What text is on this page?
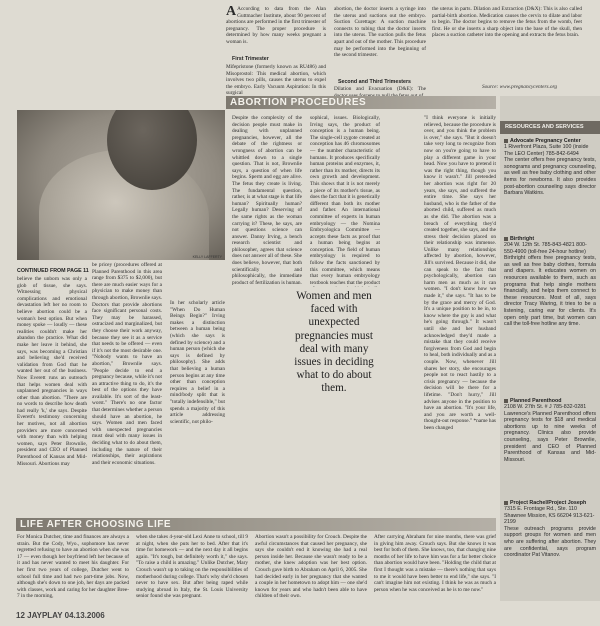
A According to data from the Alan Guttmacher Institute, about 90 percent of abortions are performed in the first trimester of pregnancy. The proper procedure is determined by how many weeks pregnant a woman is.

First Trimester

Mifepristone (formerly known as RU486) and Misoprostol: This medical abortion, which involves two pills, causes the uterus to expel the embryo. Early Vacuum Aspiration: In this surgical

abortion, the doctor inserts a syringe into the uterus and suctions out the embryo. Suction Curettage: A suction machine connects to tubing that the doctor inserts into the uterus. The suction pulls the fetus apart and out of the mother. This procedure may be performed into the beginning of the second trimester.

Second and Third Trimesters

Dilation and Evacuation (D&E): The

the uterus in parts. Dilation and Extraction (D&X): This is also called partial-birth abortion. Medication causes the cervix to dilate and labor to begin. The doctor begins to remove the fetus from the womb, feet first. He or she inserts a sharp object into the base of the skull, then places a suction catheter into the opening and extracts the fetus brain.

Source: www.pregnancycenters.org

ABORTION PROCEDURES

KELLY LAFFERTY

CONTINUED FROM PAGE 11

believe the unborn was only a glob of tissue, she says. Witnessing physical complications and emotional devastation left her no room to believe abortion could be a woman's best option. But when money spoke — loudly — these realities couldn't make her abandon the practice. What did make her leave it behind, she says, was becoming a Christian and believing she'd received validation from God that he wanted her out of the business. Now Everett runs an outreach that helps women deal with unplanned pregnancies in ways other than abortion. "There are no words to describe how death had really 'k,' she says. Despite Everett's testimony concerning her motives, not all abortion providers are more concerned with money than with helping women, says Peter Brownlie, president and CEO of Planned Parenthood of Kansas and Mid-Missouri. Abortions may

be pricey (procedures offered at Planned Parenthood in this area range from $375 to $2,000), but there are much easier ways for a physician to make money than through abortion, Brownlie says. Doctors that provide abortions face significant personal costs. They may be harassed, ostracized and marginalized, but they choose their work anyway, because they see it as a service that needs to be offered — even if it's not the most desirable one. "Nobody wants to have an abortion," Brownlie says. "People decide to end a pregnancy because, while it's not an attractive thing to do, it's the best of the options they have available. It's sort of the least-worst." There's no one factor that determines whether a person should have an abortion, he says. Women and men faced with unexpected pregnancies must deal with many issues in deciding what to do about them, including the nature of their relationships, their aspirations and their economic situations.

Despite the complexity of the decision people must make in dealing with unplanned pregnancies, however, all the debate of the rightness or wrongness of abortion can be whittled down to a single question. That is not, Brownlie says, a question of when life begins. Sperm and egg are alive. The fetus they create is living. The fundamental question, rather, is at what stage is that life human? Spiritually human? Legally human? Deserving of the same rights as the woman carrying it? These, he says, are not questions science can answer. Danny Irving, a bench research scientist and philosopher, agrees that science does not answer all of these. She does believe, however, that both scientifically and philosophically, the immediate product of fertilization is human.

In her scholarly article "When Do Human Beings Begin?" Irving makes a distinction between a human being (which she says is defined by science) and a human person (which she says is defined by philosophy). She adds that believing a human person begins at any time other than conception requires a belief in a mind/body split that is "totally indefensible," but spends a majority of this article addressing scientific, not philo-

sophical, issues. Biologically, Irving says, the product of conception is a human being. The single-cell zygote created at conception has 46 chromosomes — the number characteristic of humans. It produces specifically human proteins and enzymes, it, rather than its mother, directs its own growth and development. This shows that it is not merely a piece of its mother's tissue, as does the fact that it is genetically different than both its mother and father. An international committee of experts in human embryology — the Nomina Embryologica Committee — accepts these facts as proof that a human being begins at conception. The field of human embryology is required to follow the facts sanctioned by this committee, which means that every human embryology textbook teaches that the product

Women and men faced with unexpected pregnancies must deal with many issues in deciding what to do about them.

"I think everyone is initially relieved, because the procedure is over, and you think the problem is over," she says. "But it doesn't take very long to recognize from now on you're going to have to play a different game in your head. Now you have to pretend it was the right thing, though you know it wasn't." Jill pretended her abortion was right for 20 years, she says, and suffered the entire time. She says her husband, who is the father of the aborted child, suffered as much as she did. The abortion was a breach of everything they'd created together, she says, and the stress their decision placed on their relationship was immense. Unlike many relationships affected by abortion, however, Jill's survived. Because it did, she can speak to the fact that psychologically, abortion can harm men as much as it can women. "I don't know how we made it," she says. "It has to be by the grace and mercy of God. It's a unique position to be in, to know where the guy is and what he's going through." It wasn't until she and her husband acknowledged they'd made a mistake that they could receive forgiveness from God and begin to heal, both individually and as a couple. Now, whenever Jill shares her story, she encourages people not to react hastily to a crisis pregnancy — because the decision will be there for a lifetime. "Don't hurry," Jill advises anyone in the position to have an abortion. "It's your life, and you are worth a well-thought-out response." *name has been changed

RESOURCES AND SERVICES

Advocate Pregnancy Center

1 Riverfront Plaza, Suite 100 (inside The LEO Center) 785-842-6494

The center offers free pregnancy tests, sonograms and pregnancy counseling, as well as free baby clothing and other items for newborns. It also provides post-abortion counseling says director Barbara Watkins.

Birthright

204 W. 12th St. 785-843-4821 800-550-4900 (toll-free 24-hour hotline)

Birthright offers free pregnancy tests, as well as free baby clothes, formula and diapers. It educates women on resources available to them, such as programs that help single mothers financially, and helps them connect to these resources. Most of all, says director Tracy Waring, it tries to be a listening, caring ear for clients. It's open only part time, but women can call the toll-free hotline any time.

Planned Parenthood

2108 W. 27th St. # J 785-832-0281

Lawrence's Planned Parenthood offers pregnancy tests for $18 and medical abortions up to nine weeks of pregnancy. Clinics also provide counseling, says Peter Brownlie, president and CEO of Planned Parenthood of Kansas and Mid-Missouri.

Project Rachel/Project Joseph

7315 E. Frontage Rd., Ste. 110 Shawnee Mission, KS 66204 913-621-2199

These outreach programs provide support groups for women and men who are suffering after abortion. They are confidential, says program coordinator Pat Vitanov.

LIFE AFTER CHOOSING LIFE

For Monica Dutcher, time and finances are always a strain. But the Cody, Wyo., sophomore has never regretted refusing to have an abortion when she was 17 — even though her boyfriend left her because of it and has never wanted to meet his daughter. For her first two years of college, Dutcher went to school full time and had two part-time jobs. Now, although she's down to one job, her days are packed with classes, work and caring for her daughter Bree-7 in the morning,

when she takes 4-year-old Lexi Anne to school, till 9 at night, when she puts her to bed. After that it's time for homework — and the next day it all begins again. "It's tough, but definitely worth it," she says. "To raise a child is amazing." Unlike Dutcher, Mary Crouch wasn't up to taking on the responsibilities of motherhood during college. That's why she'd chosen never to have sex. But after being raped while studying abroad in Italy, the St. Louis University senior found she was pregnant.

Abortion wasn't a possibility for Crouch. Despite the awful circumstances that caused her pregnancy, she says she couldn't end it knowing she had a real person inside her. Because she wasn't ready to be a mother, she knew adoption was her best option. Crouch gave birth to Abraham on April 6, 2005. She had decided early in her pregnancy that she wanted a couple in her hometown to adopt him — one she'd known for years and who hadn't been able to have children of their own.

After carrying Abraham for nine months, there was grief in giving him away. Crouch says. But she knows it was best for both of them. She knows, too, that changing nine months of her life to have him was for a far better choice than abortion would have been. "Holding the child that at first I thought was a mistake — there's nothing that says to me it would have been better to end life," she says. "I can't imagine him not existing. I think he was as much a person when he was conceived as he is to me now."

12 JAYPLAY 04.13.2006
